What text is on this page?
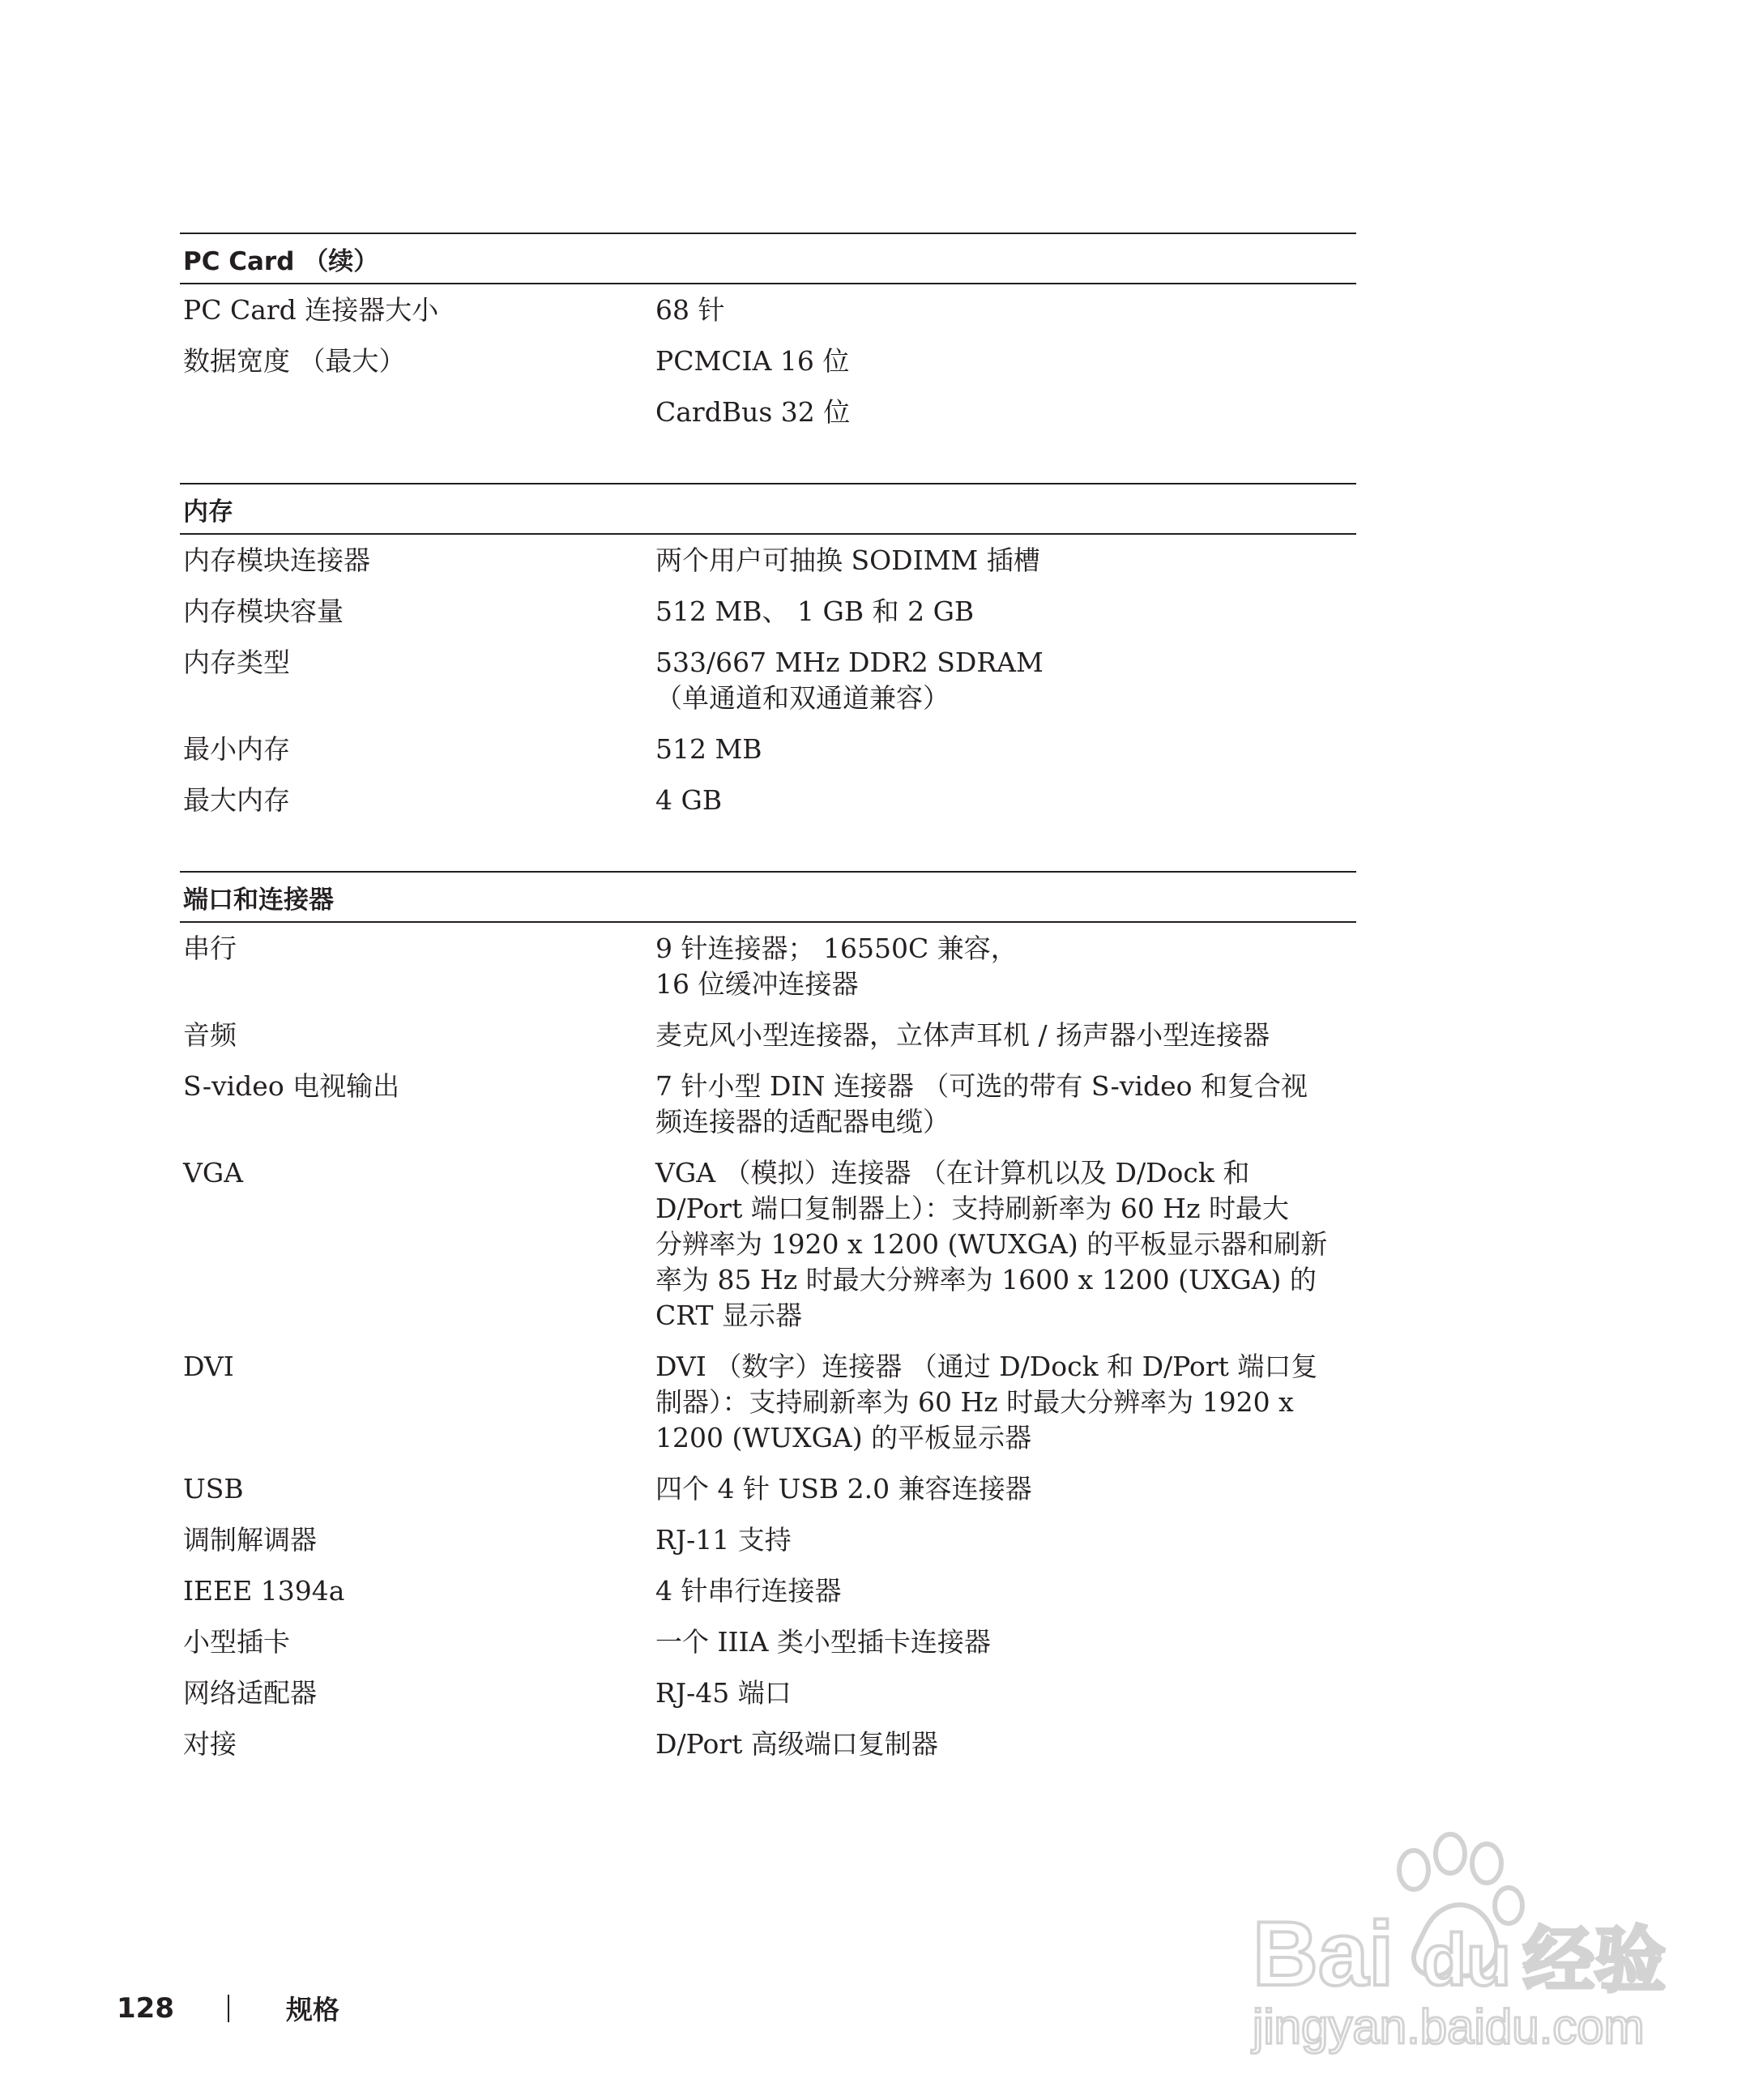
PC Card （续）
PC Card 连接器大小	68 针
数据宽度 （最大）	PCMCIA 16 位
CardBus 32 位
内存
内存模块连接器	两个用户可抽换 SODIMM 插槽
内存模块容量	512 MB、 1 GB 和 2 GB
内存类型	533/667 MHz DDR2 SDRAM
（单通道和双通道兼容）
最小内存	512 MB
最大内存	4 GB
端口和连接器
串行	9 针连接器； 16550C 兼容，
16 位缓冲连接器
音频	麦克风小型连接器，立体声耳机 / 扬声器小型连接器
S-video 电视输出	7 针小型 DIN 连接器 （可选的带有 S-video 和复合视
频连接器的适配器电缆）
VGA	VGA （模拟）连接器 （在计算机以及 D/Dock 和
D/Port 端口复制器上）：支持刷新率为 60 Hz 时最大
分辨率为 1920 x 1200 (WUXGA) 的平板显示器和刷新
率为 85 Hz 时最大分辨率为 1600 x 1200 (UXGA) 的
CRT 显示器
DVI	DVI （数字）连接器 （通过 D/Dock 和 D/Port 端口复
制器）：支持刷新率为 60 Hz 时最大分辨率为 1920 x
1200 (WUXGA) 的平板显示器
USB	四个 4 针 USB 2.0 兼容连接器
调制解调器	RJ-11 支持
IEEE 1394a	4 针串行连接器
小型插卡	一个 IIIA 类小型插卡连接器
网络适配器	RJ-45 端口
对接	D/Port 高级端口复制器
128	规格
Bai du 经验
jingyan.baidu.com
